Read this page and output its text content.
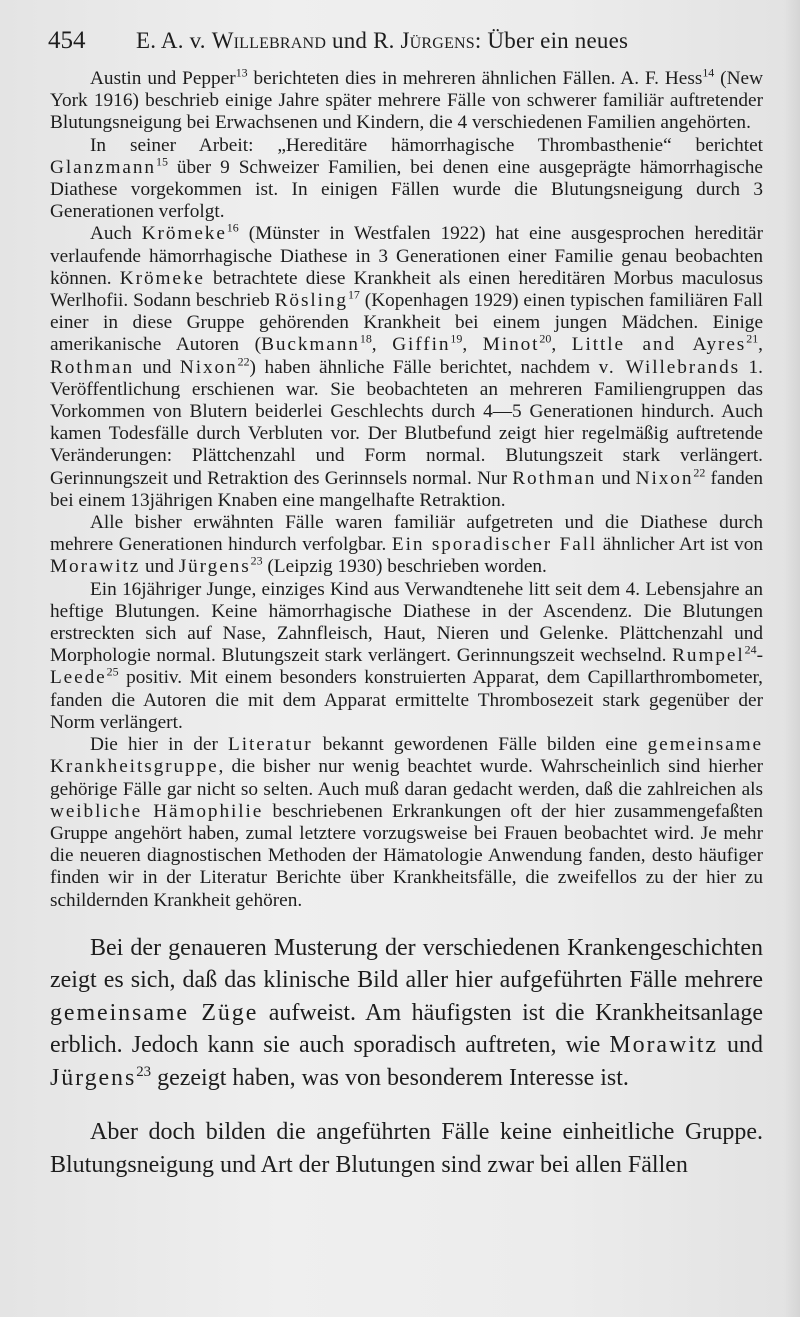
454 E. A. v. Willebrand und R. Jürgens: Über ein neues

Austin und Pepper$^{13}$ berichteten dies in mehreren ähnlichen Fällen. A. F. Hess$^{14}$ (New York 1916) beschrieb einige Jahre später mehrere Fälle von schwerer familiär auftretender Blutungsneigung bei Erwachsenen und Kindern, die 4 verschiedenen Familien angehörten.

In seiner Arbeit: „Hereditäre hämorrhagische Thrombasthenie“ berichtet Glanzmann$^{15}$ über 9 Schweizer Familien, bei denen eine ausgeprägte hämorrhagische Diathese vorgekommen ist. In einigen Fällen wurde die Blutungsneigung durch 3 Generationen verfolgt.

Auch Krömeke$^{16}$ (Münster in Westfalen 1922) hat eine ausgesprochen hereditär verlaufende hämorrhagische Diathese in 3 Generationen einer Familie genau beobachten können. Krömeke betrachtete diese Krankheit als einen hereditären Morbus maculosus Werlhofii. Sodann beschrieb Rösling$^{17}$ (Kopenhagen 1929) einen typischen familiären Fall einer in diese Gruppe gehörenden Krankheit bei einem jungen Mädchen. Einige amerikanische Autoren (Buckmann$^{18}$, Giffin$^{19}$, Minot$^{20}$, Little and Ayres$^{21}$, Rothman und Nixon$^{22}$) haben ähnliche Fälle berichtet, nachdem v. Willebrands 1. Veröffentlichung erschienen war. Sie beobachteten an mehreren Familiengruppen das Vorkommen von Blutern beiderlei Geschlechts durch 4—5 Generationen hindurch. Auch kamen Todesfälle durch Verbluten vor. Der Blutbefund zeigt hier regelmäßig auftretende Veränderungen: Plättchenzahl und Form normal. Blutungszeit stark verlängert. Gerinnungszeit und Retraktion des Gerinnsels normal. Nur Rothman und Nixon$^{22}$ fanden bei einem 13jährigen Knaben eine mangelhafte Retraktion.

Alle bisher erwähnten Fälle waren familiär aufgetreten und die Diathese durch mehrere Generationen hindurch verfolgbar. Ein sporadischer Fall ähnlicher Art ist von Morawitz und Jürgens$^{23}$ (Leipzig 1930) beschrieben worden.

Ein 16jähriger Junge, einziges Kind aus Verwandtenehe litt seit dem 4. Lebensjahre an heftige Blutungen. Keine hämorrhagische Diathese in der Ascendenz. Die Blutungen erstreckten sich auf Nase, Zahnfleisch, Haut, Nieren und Gelenke. Plättchenzahl und Morphologie normal. Blutungszeit stark verlängert. Gerinnungszeit wechselnd. Rumpel$^{24}$-Leede$^{25}$ positiv. Mit einem besonders konstruierten Apparat, dem Capillarthrombometer, fanden die Autoren die mit dem Apparat ermittelte Thrombosezeit stark gegenüber der Norm verlängert.

Die hier in der Literatur bekannt gewordenen Fälle bilden eine gemeinsame Krankheitsgruppe, die bisher nur wenig beachtet wurde. Wahrscheinlich sind hierher gehörige Fälle gar nicht so selten. Auch muß daran gedacht werden, daß die zahlreichen als weibliche Hämophilie beschriebenen Erkrankungen oft der hier zusammengefaßten Gruppe angehört haben, zumal letztere vorzugsweise bei Frauen beobachtet wird. Je mehr die neueren diagnostischen Methoden der Hämatologie Anwendung fanden, desto häufiger finden wir in der Literatur Berichte über Krankheitsfälle, die zweifellos zu der hier zu schildernden Krankheit gehören.

Bei der genaueren Musterung der verschiedenen Krankengeschichten zeigt es sich, daß das klinische Bild aller hier aufgeführten Fälle mehrere gemeinsame Züge aufweist. Am häufigsten ist die Krankheitsanlage erblich. Jedoch kann sie auch sporadisch auftreten, wie Morawitz und Jürgens$^{23}$ gezeigt haben, was von besonderem Interesse ist.

Aber doch bilden die angeführten Fälle keine einheitliche Gruppe. Blutungsneigung und Art der Blutungen sind zwar bei allen Fällen
